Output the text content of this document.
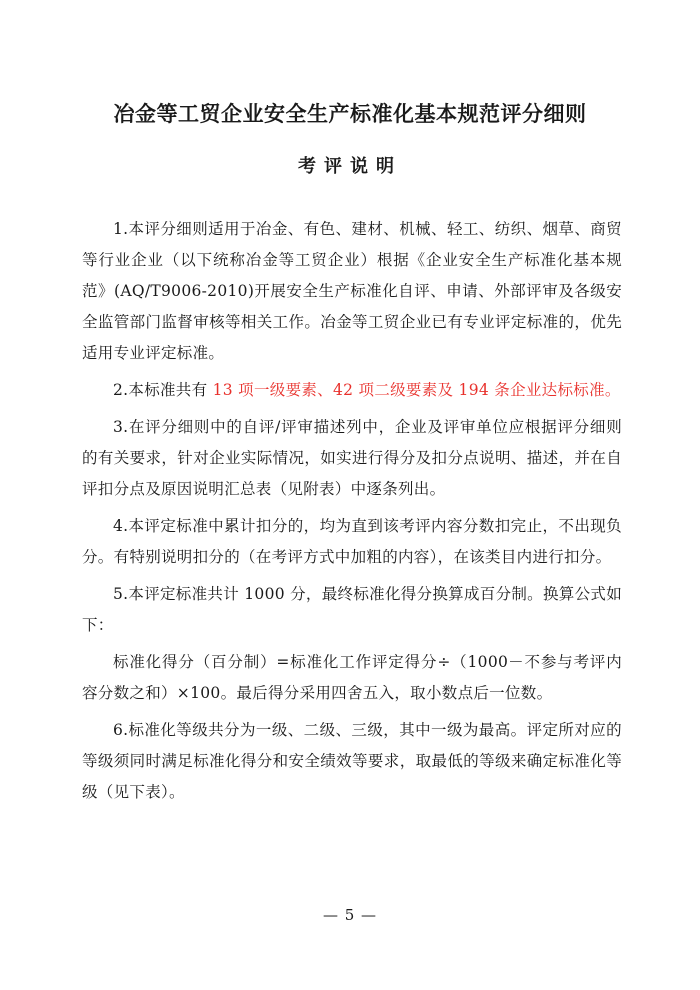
冶金等工贸企业安全生产标准化基本规范评分细则
考评说明

1.本评分细则适用于冶金、有色、建材、机械、轻工、纺织、烟草、商贸等行业企业（以下统称冶金等工贸企业）根据《企业安全生产标准化基本规范》(AQ/T9006-2010)开展安全生产标准化自评、申请、外部评审及各级安全监管部门监督审核等相关工作。冶金等工贸企业已有专业评定标准的，优先适用专业评定标准。

2.本标准共有 13 项一级要素、42 项二级要素及 194 条企业达标标准。

3.在评分细则中的自评/评审描述列中，企业及评审单位应根据评分细则的有关要求，针对企业实际情况，如实进行得分及扣分点说明、描述，并在自评扣分点及原因说明汇总表（见附表）中逐条列出。

4.本评定标准中累计扣分的，均为直到该考评内容分数扣完止，不出现负分。有特别说明扣分的（在考评方式中加粗的内容），在该类目内进行扣分。

5.本评定标准共计 1000 分，最终标准化得分换算成百分制。换算公式如下：

标准化得分（百分制）=标准化工作评定得分÷（1000－不参与考评内容分数之和）×100。最后得分采用四舍五入，取小数点后一位数。

6.标准化等级共分为一级、二级、三级，其中一级为最高。评定所对应的等级须同时满足标准化得分和安全绩效等要求，取最低的等级来确定标准化等级（见下表）。

— 5 —
